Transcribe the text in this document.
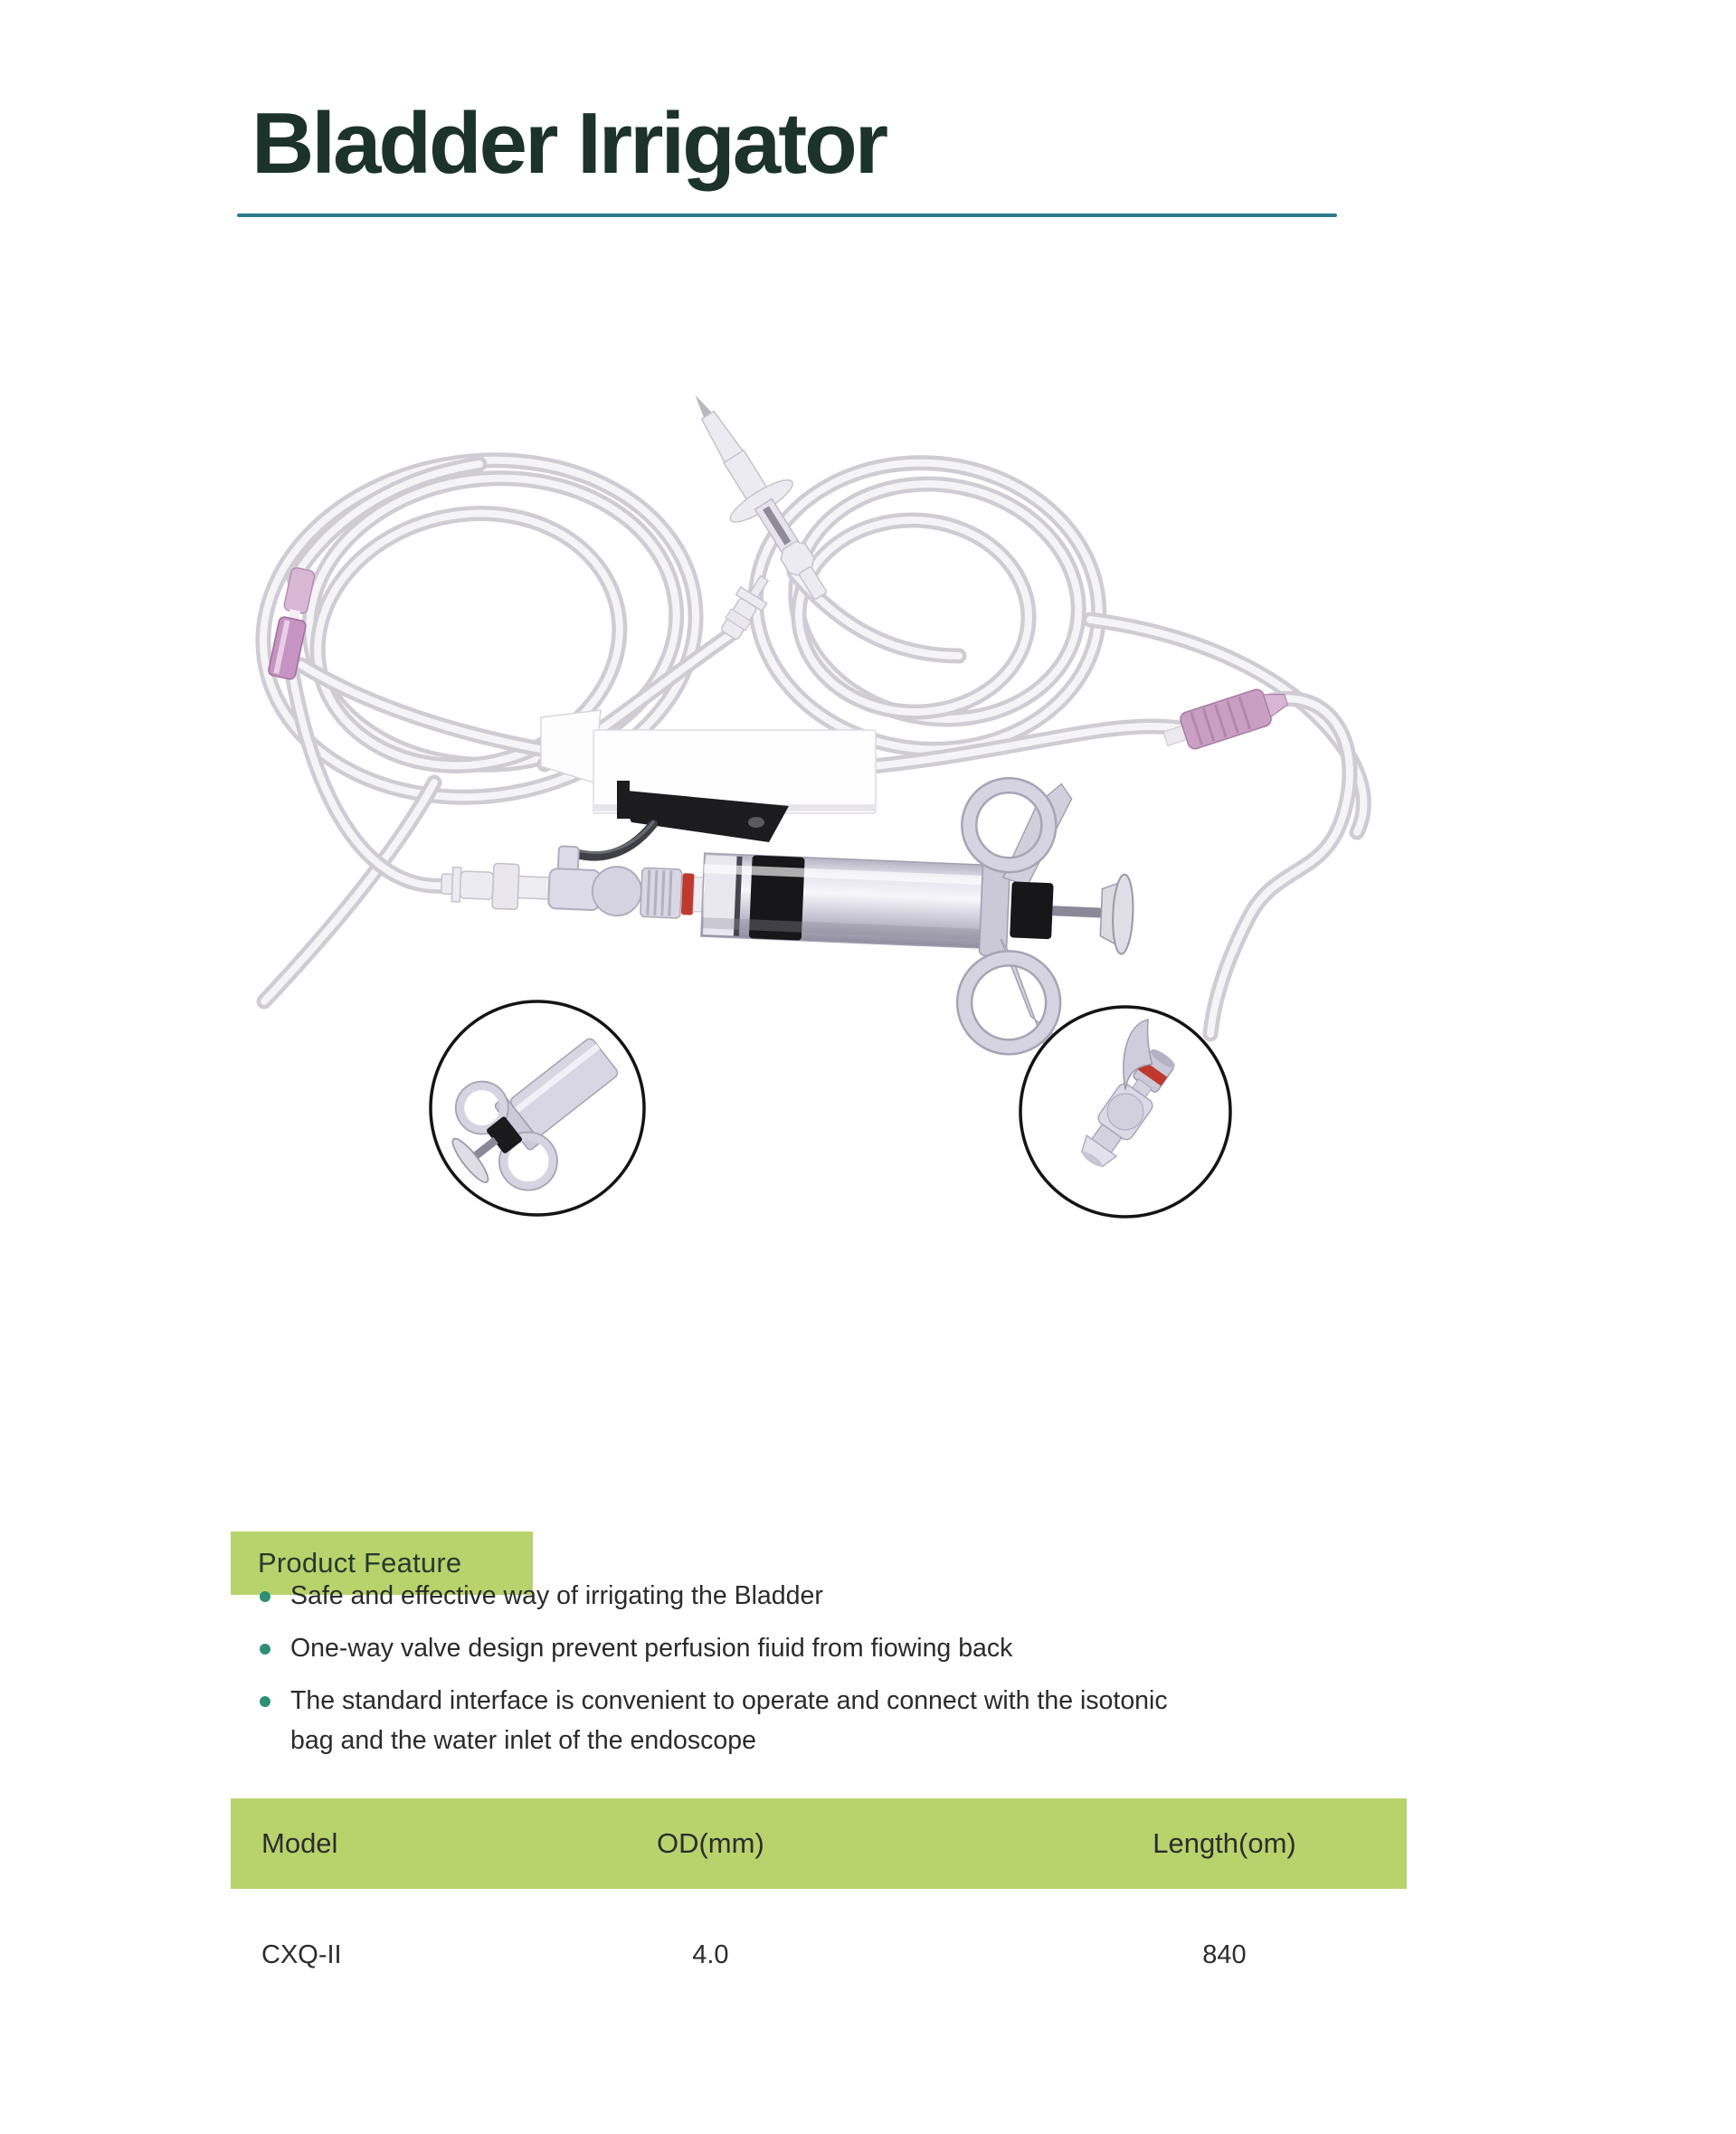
Bladder Irrigator
Product Feature
Safe and effective way of irrigating the Bladder
One-way valve design prevent perfusion fiuid from fiowing back
The standard interface is convenient to operate and connect with the isotonic bag and the water inlet of the endoscope
Model	OD(mm)	Length(om)
CXQ-II	4.0	840
